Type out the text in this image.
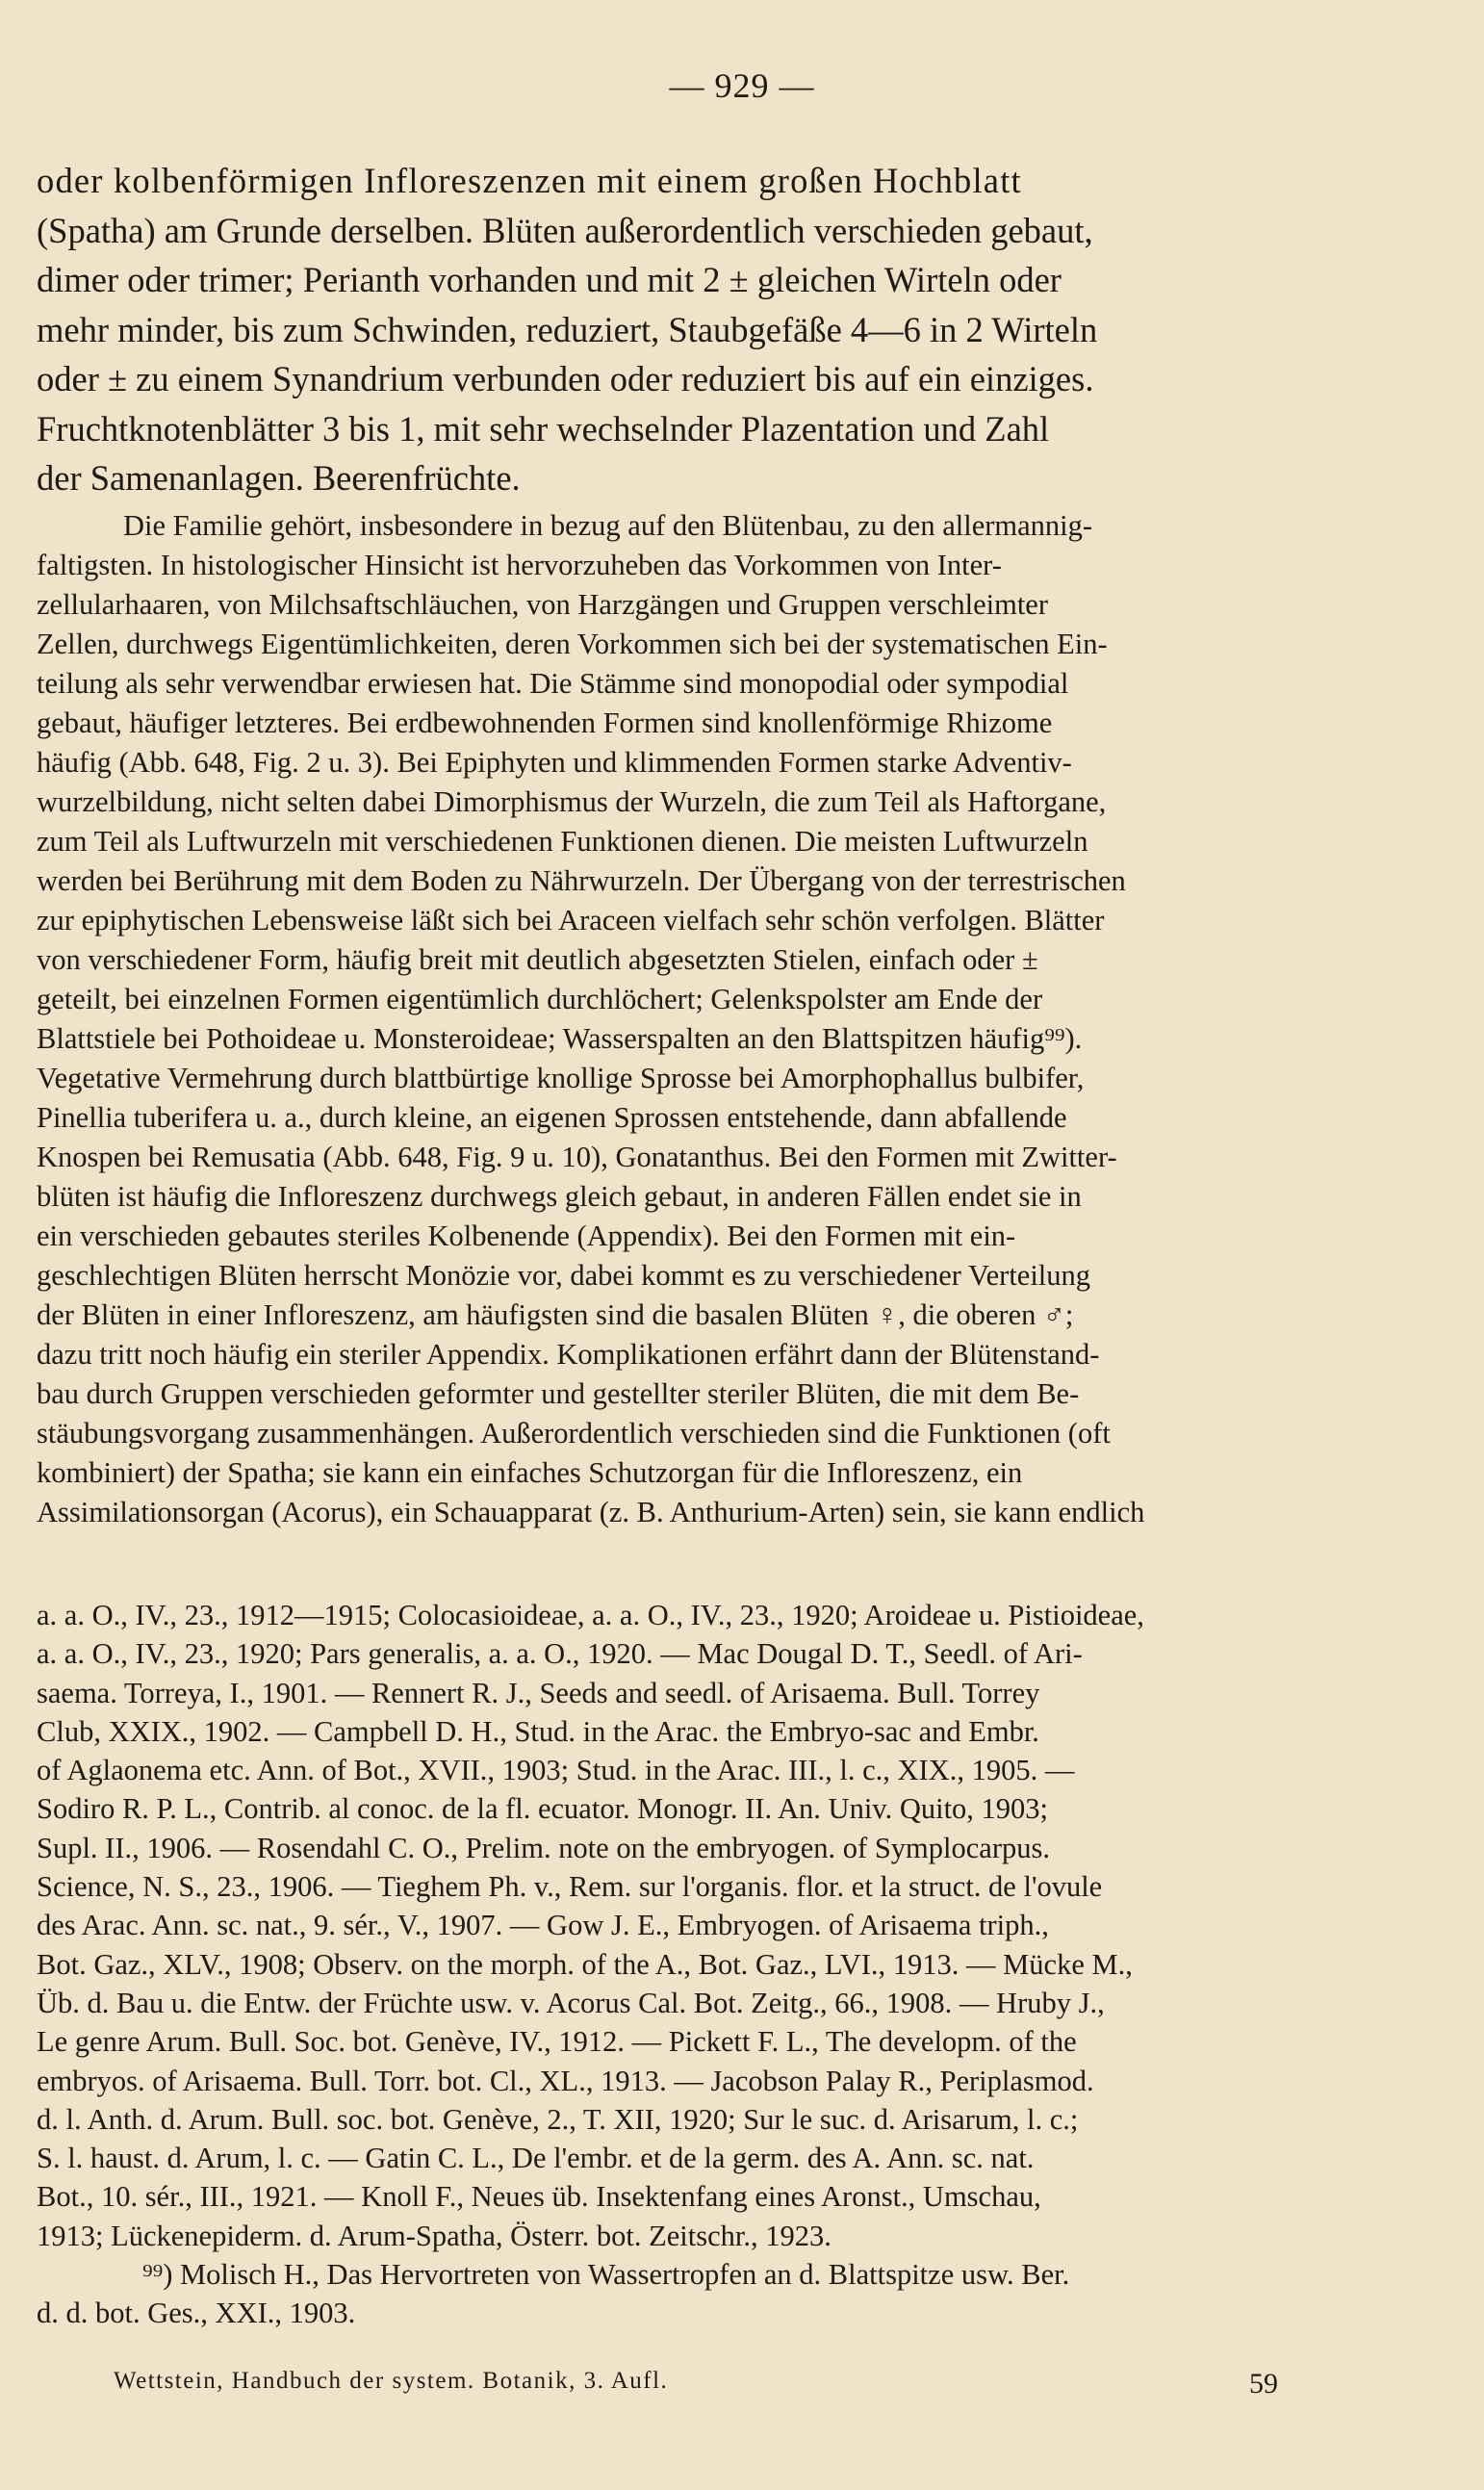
— 929 —
oder kolbenförmigen Infloreszenzen mit einem großen Hochblatt
(Spatha) am Grunde derselben. Blüten außerordentlich verschieden gebaut,
dimer oder trimer; Perianth vorhanden und mit 2 ± gleichen Wirteln oder
mehr minder, bis zum Schwinden, reduziert, Staubgefäße 4—6 in 2 Wirteln
oder ± zu einem Synandrium verbunden oder reduziert bis auf ein einziges.
Fruchtknotenblätter 3 bis 1, mit sehr wechselnder Plazentation und Zahl
der Samenanlagen. Beerenfrüchte.
Die Familie gehört, insbesondere in bezug auf den Blütenbau, zu den allermannig-
faltigsten. In histologischer Hinsicht ist hervorzuheben das Vorkommen von Inter-
zellularhaaren, von Milchsaftschläuchen, von Harzgängen und Gruppen verschleimter
Zellen, durchwegs Eigentümlichkeiten, deren Vorkommen sich bei der systematischen Ein-
teilung als sehr verwendbar erwiesen hat. Die Stämme sind monopodial oder sympodial
gebaut, häufiger letzteres. Bei erdbewohnenden Formen sind knollenförmige Rhizome
häufig (Abb. 648, Fig. 2 u. 3). Bei Epiphyten und klimmenden Formen starke Adventiv-
wurzelbildung, nicht selten dabei Dimorphismus der Wurzeln, die zum Teil als Haftorgane,
zum Teil als Luftwurzeln mit verschiedenen Funktionen dienen. Die meisten Luftwurzeln
werden bei Berührung mit dem Boden zu Nährwurzeln. Der Übergang von der terrestrischen
zur epiphytischen Lebensweise läßt sich bei Araceen vielfach sehr schön verfolgen. Blätter
von verschiedener Form, häufig breit mit deutlich abgesetzten Stielen, einfach oder ±
geteilt, bei einzelnen Formen eigentümlich durchlöchert; Gelenkspolster am Ende der
Blattstiele bei Pothoideae u. Monsteroideae; Wasserspalten an den Blattspitzen häufig⁹⁹).
Vegetative Vermehrung durch blattbürtige knollige Sprosse bei Amorphophallus bulbifer,
Pinellia tuberifera u. a., durch kleine, an eigenen Sprossen entstehende, dann abfallende
Knospen bei Remusatia (Abb. 648, Fig. 9 u. 10), Gonatanthus. Bei den Formen mit Zwitter-
blüten ist häufig die Infloreszenz durchwegs gleich gebaut, in anderen Fällen endet sie in
ein verschieden gebautes steriles Kolbenende (Appendix). Bei den Formen mit ein-
geschlechtigen Blüten herrscht Monözie vor, dabei kommt es zu verschiedener Verteilung
der Blüten in einer Infloreszenz, am häufigsten sind die basalen Blüten ♀, die oberen ♂;
dazu tritt noch häufig ein steriler Appendix. Komplikationen erfährt dann der Blütenstand-
bau durch Gruppen verschieden geformter und gestellter steriler Blüten, die mit dem Be-
stäubungsvorgang zusammenhängen. Außerordentlich verschieden sind die Funktionen (oft
kombiniert) der Spatha; sie kann ein einfaches Schutzorgan für die Infloreszenz, ein
Assimilationsorgan (Acorus), ein Schauapparat (z. B. Anthurium-Arten) sein, sie kann endlich
a. a. O., IV., 23., 1912—1915; Colocasioideae, a. a. O., IV., 23., 1920; Aroideae u. Pistioideae,
a. a. O., IV., 23., 1920; Pars generalis, a. a. O., 1920. — Mac Dougal D. T., Seedl. of Ari-
saema. Torreya, I., 1901. — Rennert R. J., Seeds and seedl. of Arisaema. Bull. Torrey
Club, XXIX., 1902. — Campbell D. H., Stud. in the Arac. the Embryo-sac and Embr.
of Aglaonema etc. Ann. of Bot., XVII., 1903; Stud. in the Arac. III., l. c., XIX., 1905. —
Sodiro R. P. L., Contrib. al conoc. de la fl. ecuator. Monogr. II. An. Univ. Quito, 1903;
Supl. II., 1906. — Rosendahl C. O., Prelim. note on the embryogen. of Symplocarpus.
Science, N. S., 23., 1906. — Tieghem Ph. v., Rem. sur l'organis. flor. et la struct. de l'ovule
des Arac. Ann. sc. nat., 9. sér., V., 1907. — Gow J. E., Embryogen. of Arisaema triph.,
Bot. Gaz., XLV., 1908; Observ. on the morph. of the A., Bot. Gaz., LVI., 1913. — Mücke M.,
Üb. d. Bau u. die Entw. der Früchte usw. v. Acorus Cal. Bot. Zeitg., 66., 1908. — Hruby J.,
Le genre Arum. Bull. Soc. bot. Genève, IV., 1912. — Pickett F. L., The developm. of the
embryos. of Arisaema. Bull. Torr. bot. Cl., XL., 1913. — Jacobson Palay R., Periplasmod.
d. l. Anth. d. Arum. Bull. soc. bot. Genève, 2., T. XII, 1920; Sur le suc. d. Arisarum, l. c.;
S. l. haust. d. Arum, l. c. — Gatin C. L., De l'embr. et de la germ. des A. Ann. sc. nat.
Bot., 10. sér., III., 1921. — Knoll F., Neues üb. Insektenfang eines Aronst., Umschau,
1913; Lückenepiderm. d. Arum-Spatha, Österr. bot. Zeitschr., 1923.
⁹⁹) Molisch H., Das Hervortreten von Wassertropfen an d. Blattspitze usw. Ber.
d. d. bot. Ges., XXI., 1903.
Wettstein, Handbuch der system. Botanik, 3. Aufl.	59
